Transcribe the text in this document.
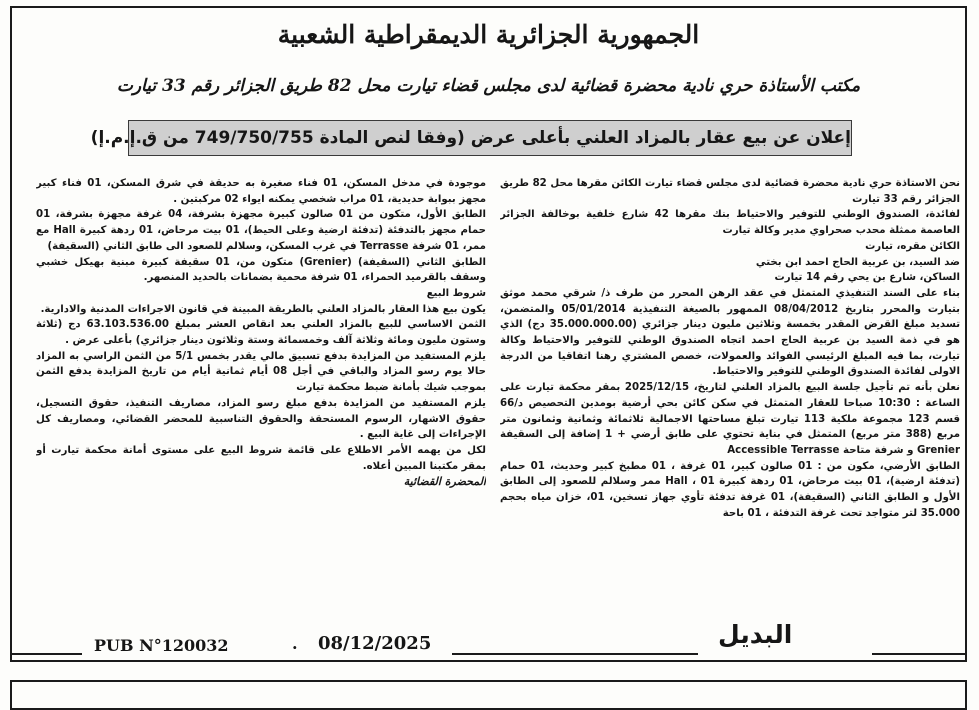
الجمهورية الجزائرية الديمقراطية الشعبية
مكتب الأستاذة حري نادية محضرة قضائية لدى مجلس قضاء تيارت محل 82 طريق الجزائر رقم 33 تيارت
إعلان عن بيع عقار بالمزاد العلني بأعلى عرض (وفقا لنص المادة 749/750/755 من ق.إ.م.إ)

نحن الاستاذة حري نادية محضرة قضائية لدى مجلس قضاء تيارت الكائن مقرها محل 82 طريق الجزائر رقم 33 تيارت

لفائدة، الصندوق الوطني للتوفير والاحتياط بنك مقرها 42 شارع خلفية بوخالفة الجزائر العاصمة ممثلة محدب صحراوي مدير وكالة تيارت

الكائن مقره، تيارت

ضد السيد، بن عربية الحاج احمد ابن بختي

الساكن، شارع بن يحي رقم 14 تيارت

بناء على السند التنفيذي المتمثل في عقد الرهن المحرر من طرف ذ/ شرقي محمد موثق بتيارت والمحرر بتاريخ 08/04/2012 الممهور بالصيغة التنفيذية 05/01/2014 والمتضمن، تسديد مبلغ القرض المقدر بخمسة وثلاثين مليون دينار جزائري (35.000.000.00 دج) الذي هو في ذمة السيد بن عربية الحاج احمد اتجاه الصندوق الوطني للتوفير والاحتياط وكالة تيارت، بما فيه المبلغ الرئيسي الفوائد والعمولات، خصص المشتري رهنا اتفاقيا من الدرجة الاولى لفائدة الصندوق الوطني للتوفير والاحتياط.

نعلن بأنه تم تأجيل جلسة البيع بالمزاد العلني لتاريخ، 2025/12/15 بمقر محكمة تيارت على الساعة : 10:30 صباحا للعقار المتمثل في سكن كائن بحي أرضية بومدين التحصيص د/66 قسم 123 مجموعة ملكية 113 تيارت تبلغ مساحتها الاجمالية ثلاثمائة وثمانية وثمانون متر مربع (388 متر مربع) المتمثل في بناية تحتوي على طابق أرضي + 1 إضافة إلى السقيفة Grenier و شرفة متاحة Accessible Terrasse

الطابق الأرضي، مكون من : 01 صالون كبير، 01 غرفة ، 01 مطبخ كبير وحديث، 01 حمام (تدفئة ارضية)، 01 بيت مرحاض، 01 ردهة كبيرة Hall ، 01 ممر وسلالم للصعود إلى الطابق الأول و الطابق الثاني (السقيفة)، 01 غرفة تدفئة تأوي جهاز تسخين، 01، خزان مياه بحجم 35.000 لتر متواجد تحت غرفة التدفئة ، 01 باحة

موجودة في مدخل المسكن، 01 فناء صغيرة به حديقة في شرق المسكن، 01 فناء كبير مجهز ببوابة حديدية، 01 مراب شخصي يمكنه ايواء 02 مركبتين .

الطابق الأول، متكون من 01 صالون كبيرة مجهزة بشرفة، 04 غرفة مجهزة بشرفة، 01 حمام مجهز بالتدفئة (تدفئة ارضية وعلى الحيط)، 01 بيت مرحاض، 01 ردهة كبيرة Hall مع ممر، 01 شرفة Terrasse في غرب المسكن، وسلالم للصعود الى طابق الثاني (السقيفة)

الطابق الثاني (السقيفة) (Grenier) متكون من، 01 سقيفة كبيرة مبنية بهيكل خشبي وسقف بالقرميد الحمراء، 01 شرفة محمية بضمانات بالحديد المنصهر.

شروط البيع

يكون بيع هذا العقار بالمزاد العلني بالطريقة المبينة في قانون الاجراءات المدنية والادارية.

الثمن الاساسي للبيع بالمزاد العلني بعد انقاص العشر بمبلغ 63.103.536.00 دج (ثلاثة وستون مليون ومائة وثلاثة آلف وخمسمائة وستة وثلاثون دينار جزائري) بأعلى عرض .

يلزم المستفيد من المزايدة بدفع تسبيق مالي يقدر بخمس 5/1 من الثمن الراسي به المزاد حالا يوم رسو المزاد والباقي في أجل 08 أيام ثمانية أيام من تاريخ المزايدة يدفع الثمن بموجب شيك بأمانة ضبط محكمة تيارت

يلزم المستفيد من المزايدة بدفع مبلغ رسو المزاد، مصاريف التنفيذ، حقوق التسجيل، حقوق الاشهار، الرسوم المستحقة والحقوق التناسبية للمحضر القضائي، ومصاريف كل الإجراءات إلى غاية البيع .

لكل من يهمه الأمر الاطلاع على قائمة شروط البيع على مستوى أمانة محكمة تيارت أو بمقر مكتبنا المبين أعلاه.

المحضرة القضائية

PUB N°120032	. 08/12/2025	البديل
